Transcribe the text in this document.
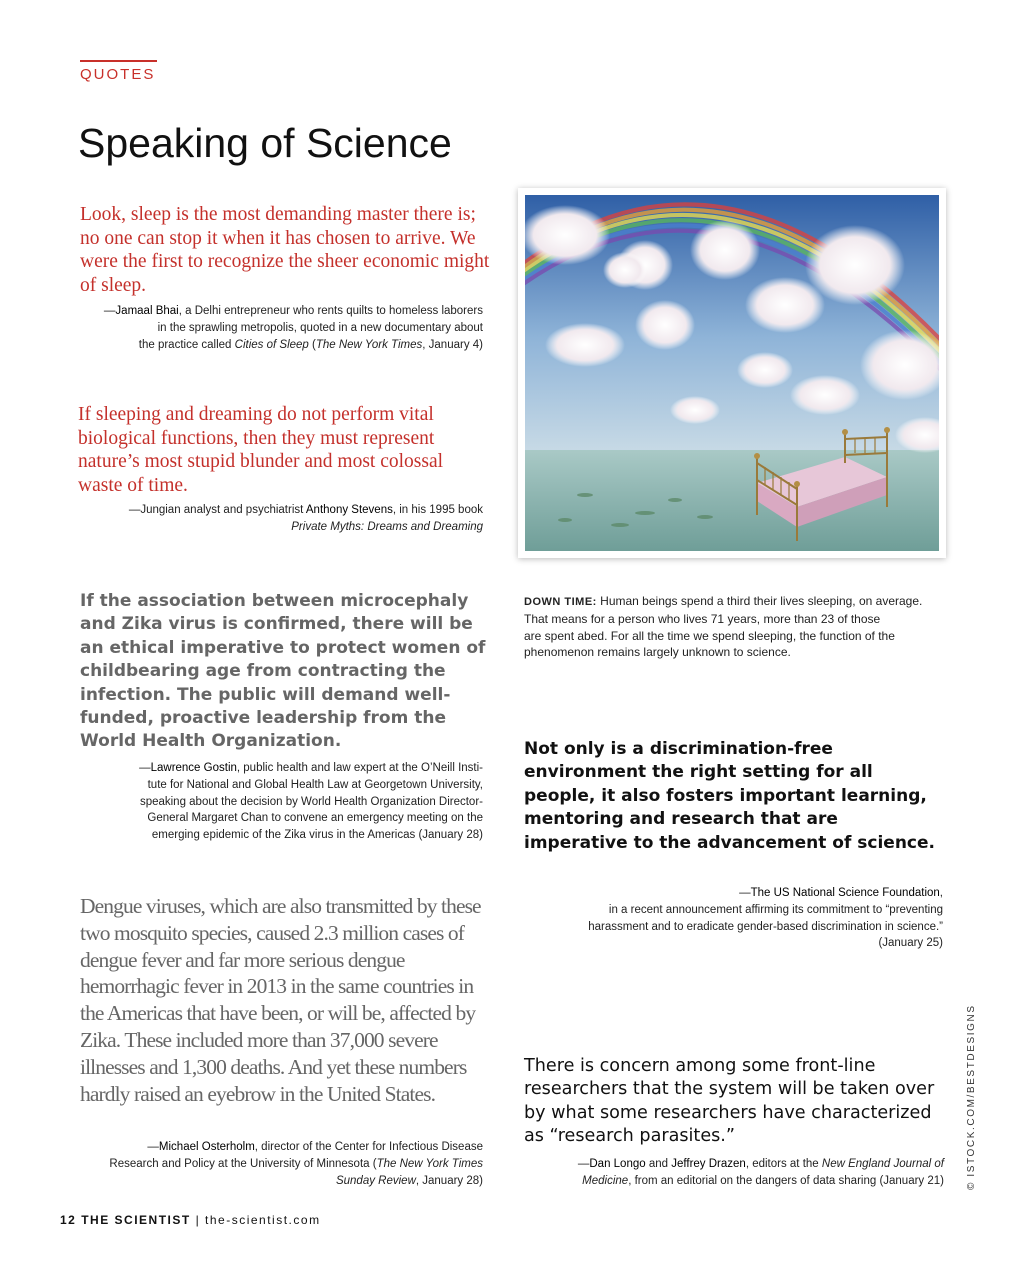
QUOTES
Speaking of Science
Look, sleep is the most demanding master there is; no one can stop it when it has chosen to arrive. We were the first to recognize the sheer economic might of sleep.

—Jamaal Bhai, a Delhi entrepreneur who rents quilts to homeless laborers

in the sprawling metropolis, quoted in a new documentary about

the practice called Cities of Sleep (The New York Times, January 4)

If sleeping and dreaming do not perform vital biological functions, then they must represent nature’s most stupid blunder and most colossal waste of time.

—Jungian analyst and psychiatrist Anthony Stevens, in his 1995 book

Private Myths: Dreams and Dreaming

DOWN TIME: Human beings spend a third their lives sleeping, on average.
That means for a person who lives 71 years, more than 23 of those
are spent abed. For all the time we spend sleeping, the function of the
phenomenon remains largely unknown to science.
If the association between microcephaly and Zika virus is confirmed, there will be an ethical imperative to protect women of childbearing age from contracting the infection. The public will demand well-funded, proactive leadership from the World Health Organization.

—Lawrence Gostin, public health and law expert at the O’Neill Insti-

tute for National and Global Health Law at Georgetown University,

speaking about the decision by World Health Organization Director-

General Margaret Chan to convene an emergency meeting on the

emerging epidemic of the Zika virus in the Americas (January 28)

Not only is a discrimination-free environment the right setting for all people, it also fosters important learning, mentoring and research that are imperative to the advancement of science.

—The US National Science Foundation,

in a recent announcement affirming its commitment to “preventing

harassment and to eradicate gender-based discrimination in science.”

(January 25)

Dengue viruses, which are also transmitted by these two mosquito species, caused 2.3 million cases of dengue fever and far more serious dengue hemorrhagic fever in 2013 in the same countries in the Americas that have been, or will be, affected by Zika. These included more than 37,000 severe illnesses and 1,300 deaths. And yet these numbers hardly raised an eyebrow in the United States.

—Michael Osterholm, director of the Center for Infectious Disease

Research and Policy at the University of Minnesota (The New York Times

Sunday Review, January 28)

There is concern among some front-line researchers that the system will be taken over by what some researchers have characterized as “research parasites.”

—Dan Longo and Jeffrey Drazen, editors at the New England Journal of

Medicine, from an editorial on the dangers of data sharing (January 21) © ISTOCK.COM/BESTDESIGNS
12 THE SCIENTIST | the-scientist.com
